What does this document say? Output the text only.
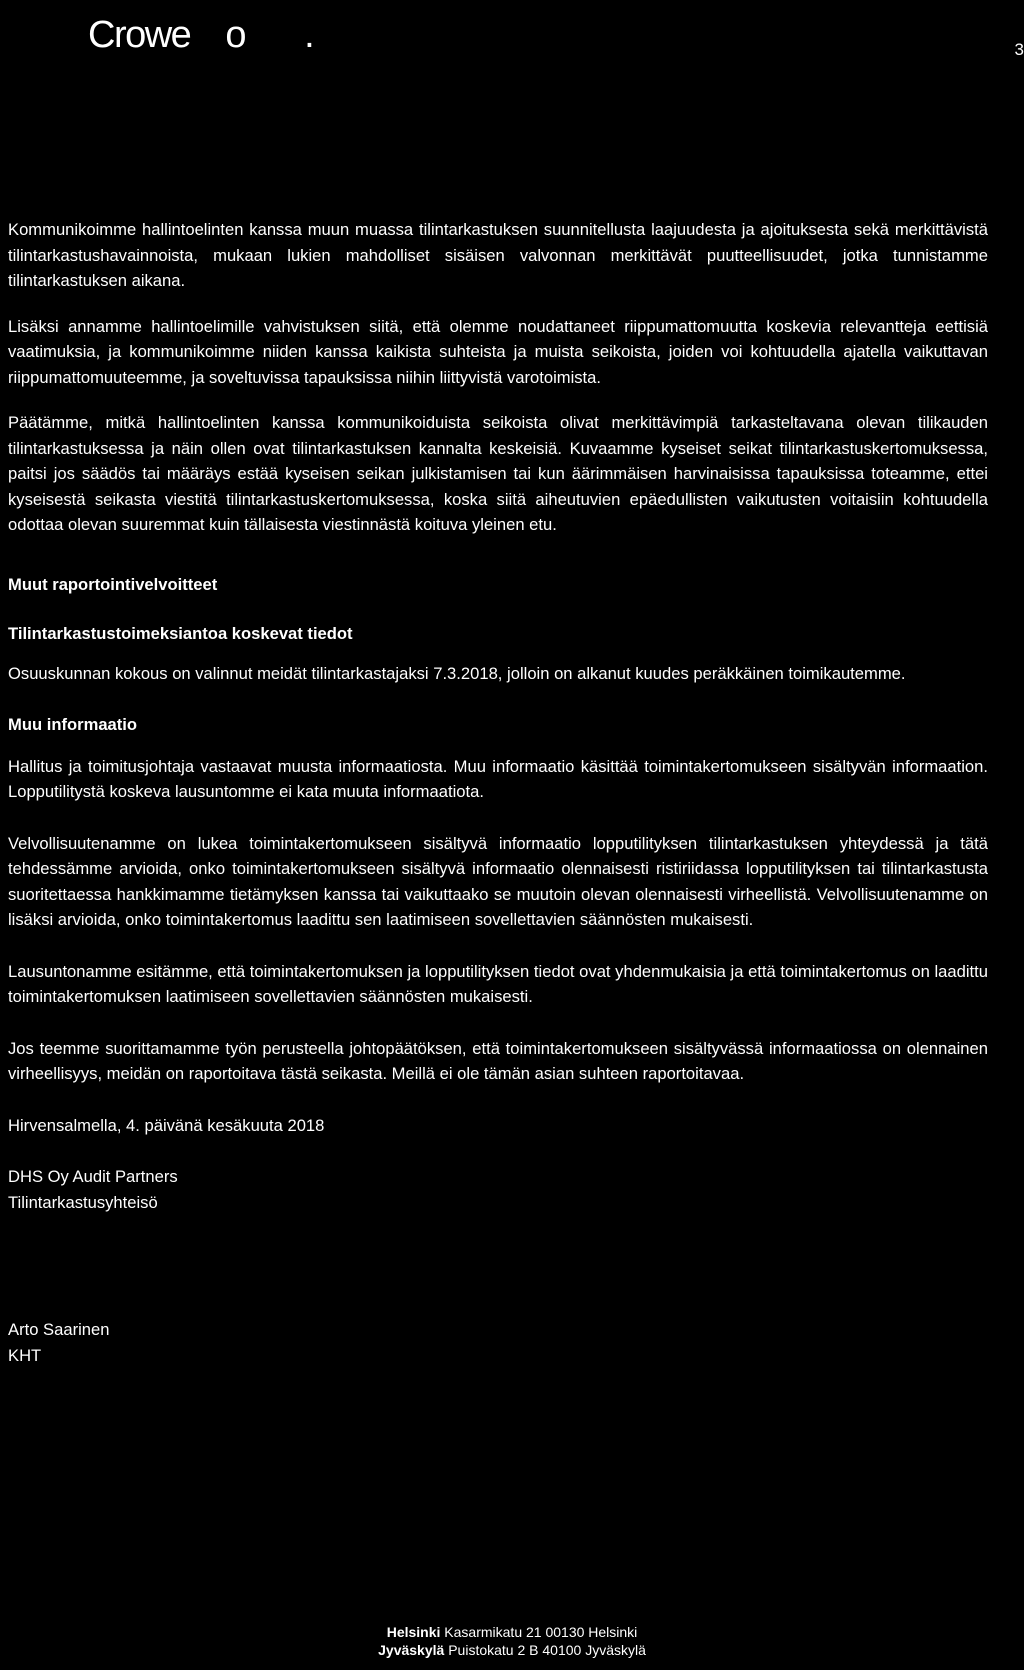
Crowe o .	3

Kommunikoimme hallintoelinten kanssa muun muassa tilintarkastuksen suunnitellusta laajuudesta ja ajoituksesta sekä merkittävistä tilintarkastushavainnoista, mukaan lukien mahdolliset sisäisen valvonnan merkittävät puutteellisuudet, jotka tunnistamme tilintarkastuksen aikana.

Lisäksi annamme hallintoelimille vahvistuksen siitä, että olemme noudattaneet riippumattomuutta koskevia relevantteja eettisiä vaatimuksia, ja kommunikoimme niiden kanssa kaikista suhteista ja muista seikoista, joiden voi kohtuudella ajatella vaikuttavan riippumattomuuteemme, ja soveltuvissa tapauksissa niihin liittyvistä varotoimista.

Päätämme, mitkä hallintoelinten kanssa kommunikoiduista seikoista olivat merkittävimpiä tarkasteltavana olevan tilikauden tilintarkastuksessa ja näin ollen ovat tilintarkastuksen kannalta keskeisiä. Kuvaamme kyseiset seikat tilintarkastuskertomuksessa, paitsi jos säädös tai määräys estää kyseisen seikan julkistamisen tai kun äärimmäisen harvinaisissa tapauksissa toteamme, ettei kyseisestä seikasta viestitä tilintarkastuskertomuksessa, koska siitä aiheutuvien epäedullisten vaikutusten voitaisiin kohtuudella odottaa olevan suuremmat kuin tällaisesta viestinnästä koituva yleinen etu.

Muut raportointivelvoitteet
Tilintarkastustoimeksiantoa koskevat tiedot

Osuuskunnan kokous on valinnut meidät tilintarkastajaksi 7.3.2018, jolloin on alkanut kuudes peräkkäinen toimikautemme.

Muu informaatio

Hallitus ja toimitusjohtaja vastaavat muusta informaatiosta. Muu informaatio käsittää toimintakertomukseen sisältyvän informaation. Lopputilitystä koskeva lausuntomme ei kata muuta informaatiota.

Velvollisuutenamme on lukea toimintakertomukseen sisältyvä informaatio lopputilityksen tilintarkastuksen yhteydessä ja tätä tehdessämme arvioida, onko toimintakertomukseen sisältyvä informaatio olennaisesti ristiriidassa lopputilityksen tai tilintarkastusta suoritettaessa hankkimamme tietämyksen kanssa tai vaikuttaako se muutoin olevan olennaisesti virheellistä. Velvollisuutenamme on lisäksi arvioida, onko toimintakertomus laadittu sen laatimiseen sovellettavien säännösten mukaisesti.

Lausuntonamme esitämme, että toimintakertomuksen ja lopputilityksen tiedot ovat yhdenmukaisia ja että toimintakertomus on laadittu toimintakertomuksen laatimiseen sovellettavien säännösten mukaisesti.

Jos teemme suorittamamme työn perusteella johtopäätöksen, että toimintakertomukseen sisältyvässä informaatiossa on olennainen virheellisyys, meidän on raportoitava tästä seikasta. Meillä ei ole tämän asian suhteen raportoitavaa.

Hirvensalmella, 4. päivänä kesäkuuta 2018
DHS Oy Audit Partners
Tilintarkastusyhteisö
Arto Saarinen
KHT
Helsinki Kasarmikatu 21 00130 Helsinki
Jyväskylä Puistokatu 2 B 40100 Jyväskylä
